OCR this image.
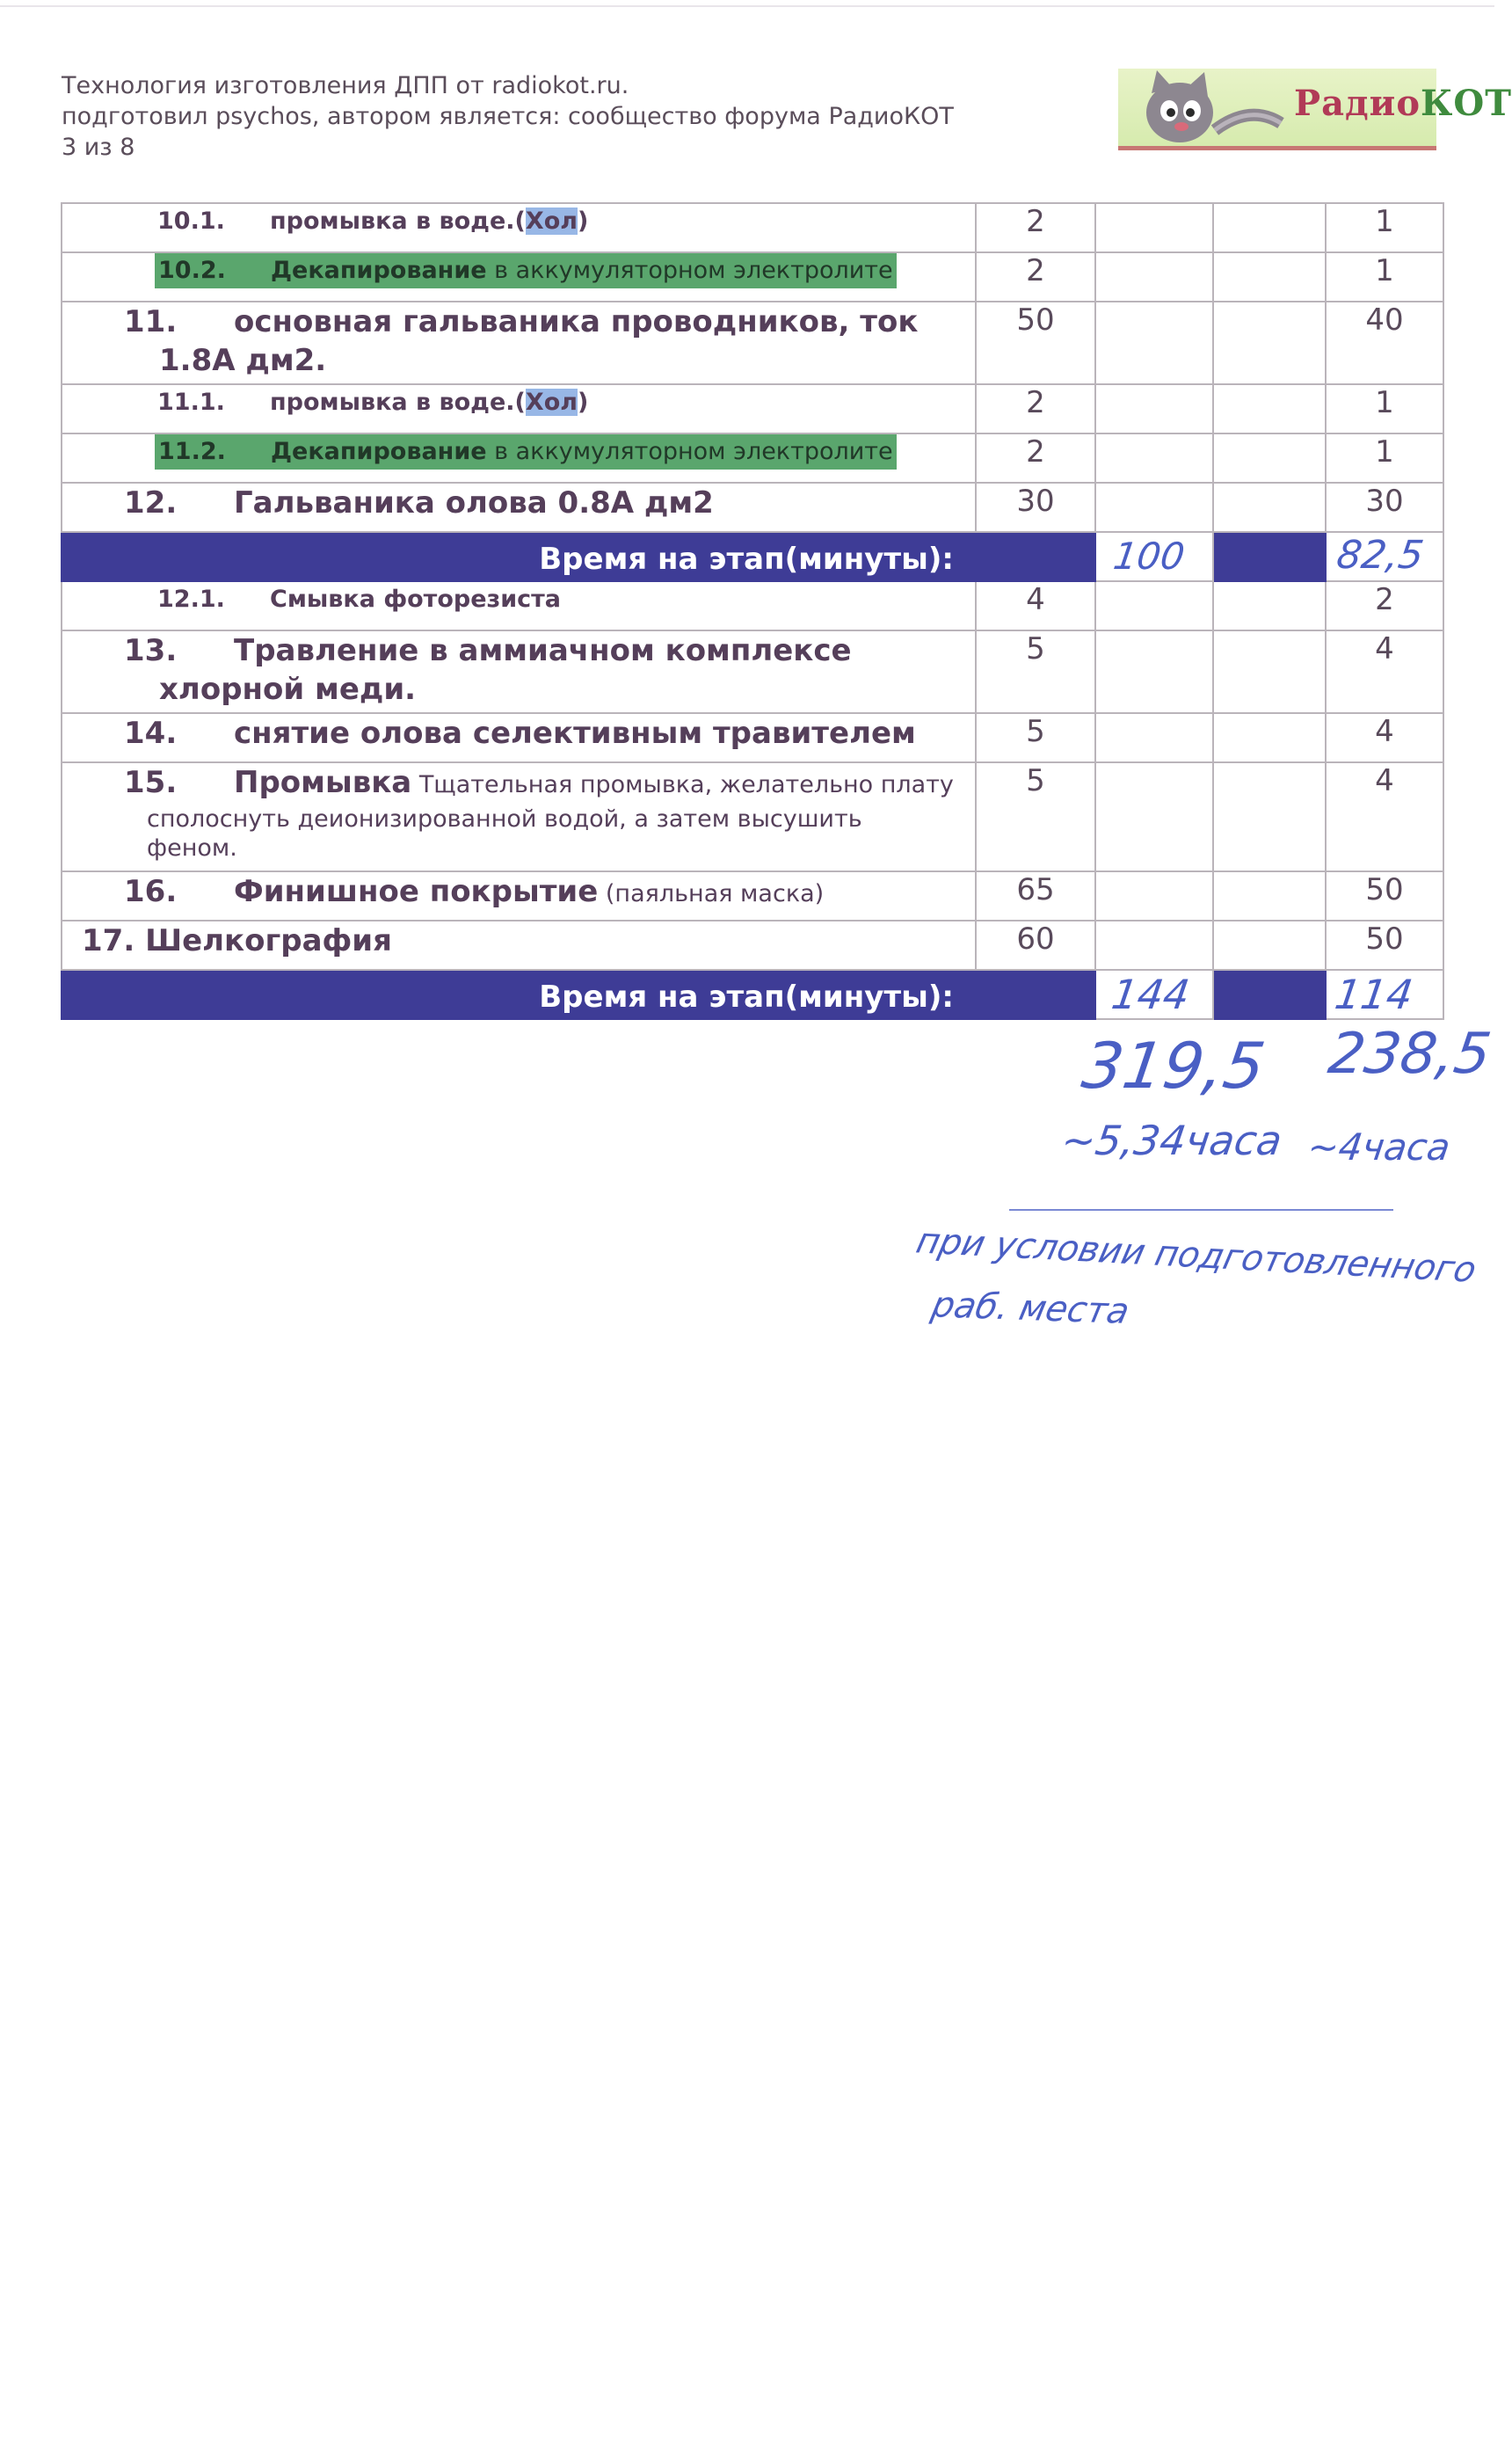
Технология изготовления ДПП от radiokot.ru.
подготовил psychos, автором является: сообщество форума РадиоКОТ
3 из 8
РадиоКОТ
10.1. промывка в воде.(Хол)	2			1
10.2. Декапирование в аккумуляторном электролите	2			1

11. основная гальваника проводников, ток
1.8А дм2.	50			40

11.1. промывка в воде.(Хол)	2			1
11.2. Декапирование в аккумуляторном электролите	2			1

12. Гальваника олова 0.8А дм2	30			30
Время на этап(минуты):		100		82,5

12.1. Смывка фоторезиста	4			2

13. Травление в аммиачном комплексе
хлорной меди.	5			4

14. снятие олова селективным травителем	5			4

15. Промывка Тщательная промывка, желательно плату
сполоснуть деионизированной водой, а затем высушить
феном.	5			4

16. Финишное покрытие (паяльная маска)	65			50

17. Шелкография	60			50
Время на этап(минуты):		144		114
319,5 238,5
~5,34часа ~4часа
при условии подготовленного
раб. места
